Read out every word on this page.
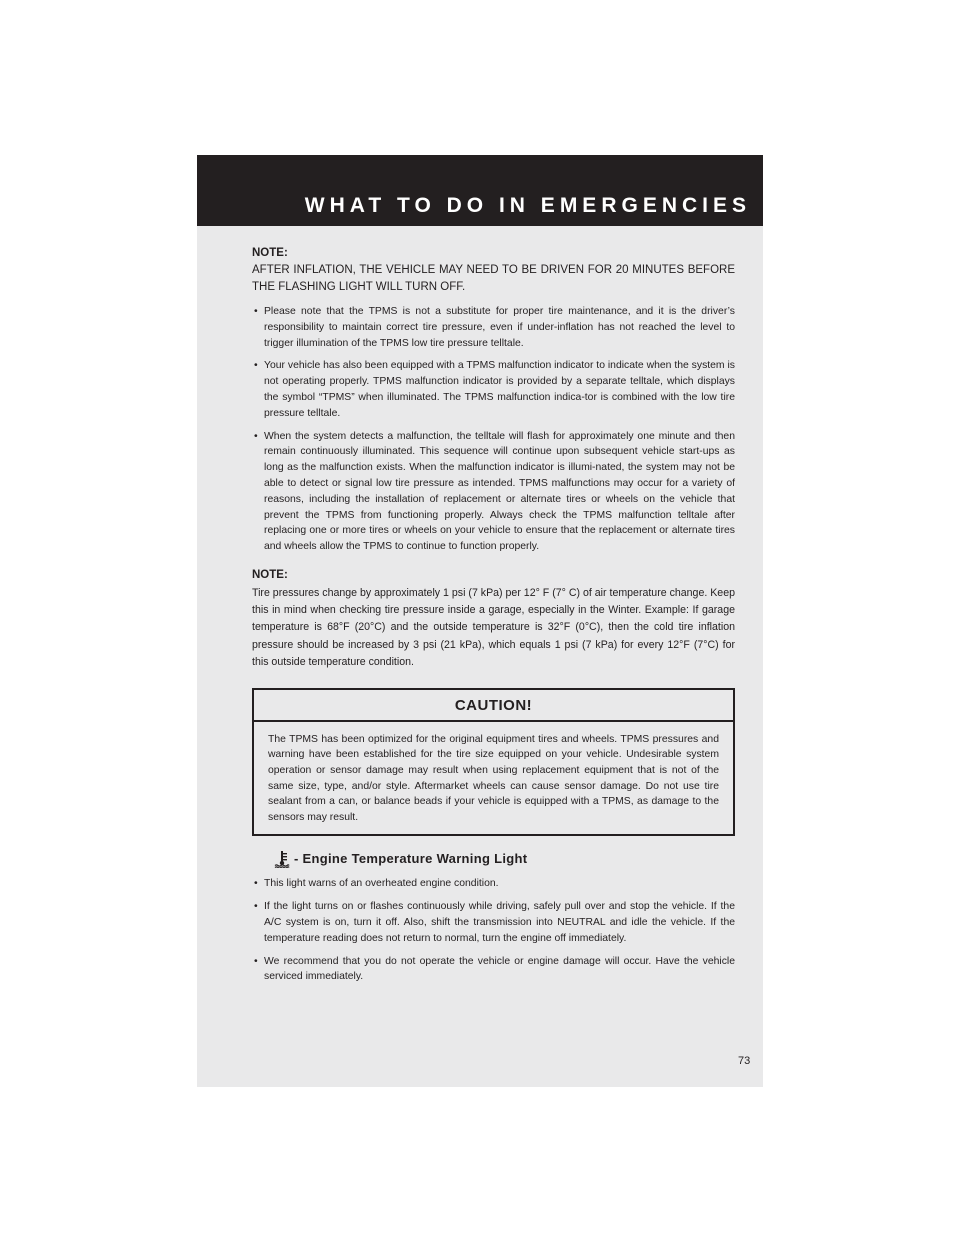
WHAT TO DO IN EMERGENCIES

NOTE:

AFTER INFLATION, THE VEHICLE MAY NEED TO BE DRIVEN FOR 20 MINUTES BEFORE THE FLASHING LIGHT WILL TURN OFF.

• Please note that the TPMS is not a substitute for proper tire maintenance, and it is the driver’s responsibility to maintain correct tire pressure, even if under-inflation has not reached the level to trigger illumination of the TPMS low tire pressure telltale.
• Your vehicle has also been equipped with a TPMS malfunction indicator to indicate when the system is not operating properly. TPMS malfunction indicator is provided by a separate telltale, which displays the symbol “TPMS” when illuminated. The TPMS malfunction indica-tor is combined with the low tire pressure telltale.
• When the system detects a malfunction, the telltale will flash for approximately one minute and then remain continuously illuminated. This sequence will continue upon subsequent vehicle start-ups as long as the malfunction exists. When the malfunction indicator is illumi-nated, the system may not be able to detect or signal low tire pressure as intended. TPMS malfunctions may occur for a variety of reasons, including the installation of replacement or alternate tires or wheels on the vehicle that prevent the TPMS from functioning properly. Always check the TPMS malfunction telltale after replacing one or more tires or wheels on your vehicle to ensure that the replacement or alternate tires and wheels allow the TPMS to continue to function properly.

NOTE:

Tire pressures change by approximately 1 psi (7 kPa) per 12° F (7° C) of air temperature change. Keep this in mind when checking tire pressure inside a garage, especially in the Winter. Example: If garage temperature is 68°F (20°C) and the outside temperature is 32°F (0°C), then the cold tire inflation pressure should be increased by 3 psi (21 kPa), which equals 1 psi (7 kPa) for every 12°F (7°C) for this outside temperature condition.

CAUTION!

The TPMS has been optimized for the original equipment tires and wheels. TPMS pressures and warning have been established for the tire size equipped on your vehicle. Undesirable system operation or sensor damage may result when using replacement equipment that is not of the same size, type, and/or style. Aftermarket wheels can cause sensor damage. Do not use tire sealant from a can, or balance beads if your vehicle is equipped with a TPMS, as damage to the sensors may result.

- Engine Temperature Warning Light
• This light warns of an overheated engine condition.
• If the light turns on or flashes continuously while driving, safely pull over and stop the vehicle. If the A/C system is on, turn it off. Also, shift the transmission into NEUTRAL and idle the vehicle. If the temperature reading does not return to normal, turn the engine off immediately.
• We recommend that you do not operate the vehicle or engine damage will occur. Have the vehicle serviced immediately.
73
